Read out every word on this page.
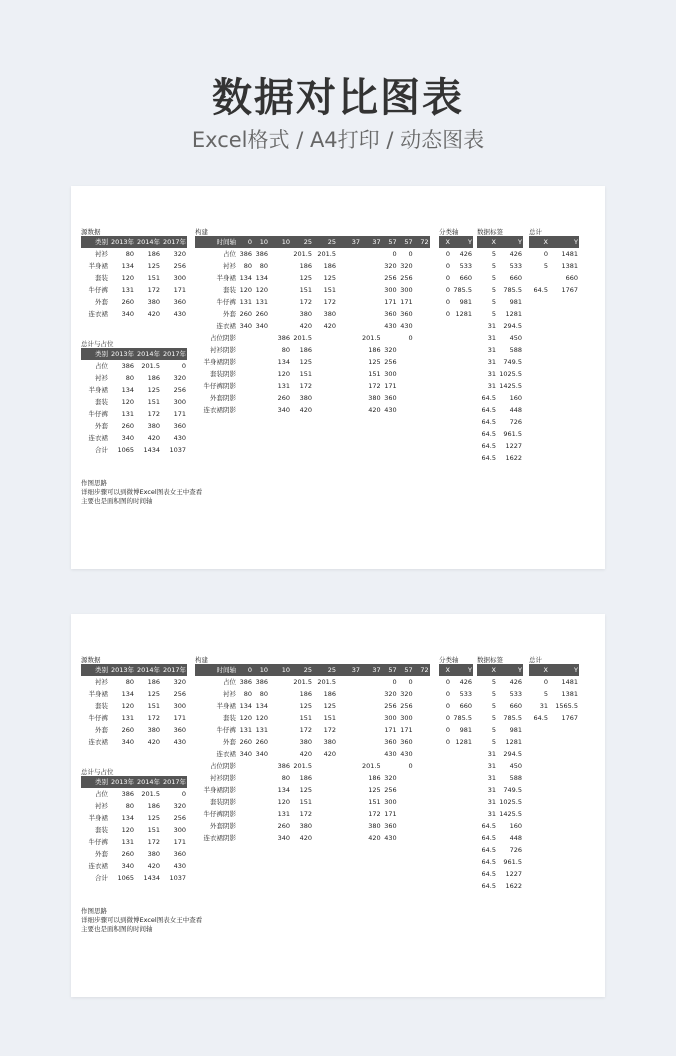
数据对比图表
Excel格式 / A4打印 / 动态图表
源数据
类别	2013年	2014年	2017年
衬衫	80	186	320
半身裙	134	125	256
套装	120	151	300
牛仔裤	131	172	171
外套	260	380	360
连衣裙	340	420	430
构建
时间轴	0	10	10	25	25	37	37	57	57	72
占位	386	386		201.5	201.5			0	0	
衬衫	80	80		186	186			320	320	
半身裙	134	134		125	125			256	256	
套装	120	120		151	151			300	300	
牛仔裤	131	131		172	172			171	171	
外套	260	260		380	380			360	360	
连衣裙	340	340		420	420			430	430	
占位阴影			386	201.5			201.5		0	
衬衫阴影			80	186			186	320		
半身裙阴影			134	125			125	256		
套装阴影			120	151			151	300		
牛仔裤阴影			131	172			172	171		
外套阴影			260	380			380	360		
连衣裙阴影			340	420			420	430		
分类轴
X	Y
0	426
0	533
0	660
0	785.5
0	981
0	1281
数据标签
X	Y
5	426
5	533
5	660
5	785.5
5	981
5	1281
31	294.5
31	450
31	588
31	749.5
31	1025.5
31	1425.5
64.5	160
64.5	448
64.5	726
64.5	961.5
64.5	1227
64.5	1622
总计
X	Y
0	1481
5	1381
	660
64.5	1767
总计与占位
类别	2013年	2014年	2017年
占位	386	201.5	0
衬衫	80	186	320
半身裙	134	125	256
套装	120	151	300
牛仔裤	131	172	171
外套	260	380	360
连衣裙	340	420	430
合计	1065	1434	1037
作图思路
详细步骤可以到微博Excel图表女王中查看
主要也是面积图的时间轴
源数据
类别	2013年	2014年	2017年
衬衫	80	186	320
半身裙	134	125	256
套装	120	151	300
牛仔裤	131	172	171
外套	260	380	360
连衣裙	340	420	430
构建
时间轴	0	10	10	25	25	37	37	57	57	72
占位	386	386		201.5	201.5			0	0	
衬衫	80	80		186	186			320	320	
半身裙	134	134		125	125			256	256	
套装	120	120		151	151			300	300	
牛仔裤	131	131		172	172			171	171	
外套	260	260		380	380			360	360	
连衣裙	340	340		420	420			430	430	
占位阴影			386	201.5			201.5		0	
衬衫阴影			80	186			186	320		
半身裙阴影			134	125			125	256		
套装阴影			120	151			151	300		
牛仔裤阴影			131	172			172	171		
外套阴影			260	380			380	360		
连衣裙阴影			340	420			420	430		
分类轴
X	Y
0	426
0	533
0	660
0	785.5
0	981
0	1281
数据标签
X	Y
5	426
5	533
5	660
5	785.5
5	981
5	1281
31	294.5
31	450
31	588
31	749.5
31	1025.5
31	1425.5
64.5	160
64.5	448
64.5	726
64.5	961.5
64.5	1227
64.5	1622
总计
X	Y
0	1481
5	1381
31	1565.5
64.5	1767
总计与占位
类别	2013年	2014年	2017年
占位	386	201.5	0
衬衫	80	186	320
半身裙	134	125	256
套装	120	151	300
牛仔裤	131	172	171
外套	260	380	360
连衣裙	340	420	430
合计	1065	1434	1037
作图思路
详细步骤可以到微博Excel图表女王中查看
主要也是面积图的时间轴
